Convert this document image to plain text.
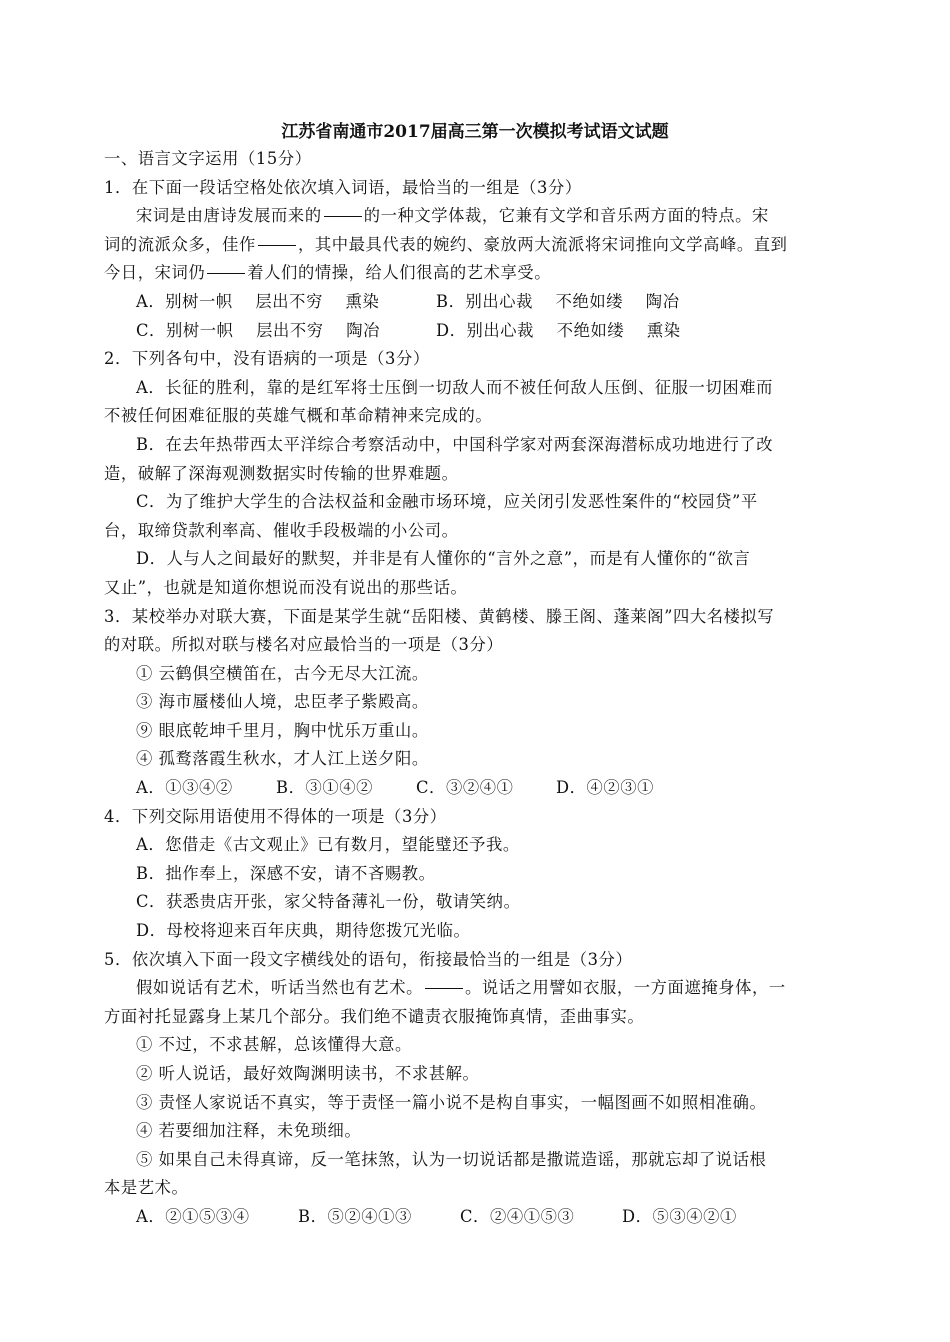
江苏省南通市2017届高三第一次模拟考试语文试题
一、语言文字运用（15分）
1．在下面一段话空格处依次填入词语，最恰当的一组是（3分）
宋词是由唐诗发展而来的	的一种文学体裁，它兼有文学和音乐两方面的特点。宋
词的流派众多，佳作	，其中最具代表的婉约、豪放两大流派将宋词推向文学高峰。直到
今日，宋词仍	着人们的情操，给人们很高的艺术享受。
A．别树一帜　 层出不穷　 熏染	B．别出心裁　 不绝如缕　 陶冶
C．别树一帜　 层出不穷　 陶冶	D．别出心裁　 不绝如缕　 熏染
2．下列各句中，没有语病的一项是（3分）
A．长征的胜利，靠的是红军将士压倒一切敌人而不被任何敌人压倒、征服一切困难而
不被任何困难征服的英雄气概和革命精神来完成的。
B．在去年热带西太平洋综合考察活动中，中国科学家对两套深海潜标成功地进行了改
造，破解了深海观测数据实时传输的世界难题。
C．为了维护大学生的合法权益和金融市场环境，应关闭引发恶性案件的“校园贷”平
台，取缔贷款利率高、催收手段极端的小公司。
D．人与人之间最好的默契，并非是有人懂你的“言外之意”，而是有人懂你的“欲言
又止”，也就是知道你想说而没有说出的那些话。
3．某校举办对联大赛，下面是某学生就“岳阳楼、黄鹤楼、滕王阁、蓬莱阁”四大名楼拟写
的对联。所拟对联与楼名对应最恰当的一项是（3分）
① 云鹤俱空横笛在，古今无尽大江流。
③ 海市蜃楼仙人境，忠臣孝子紫殿高。
⑨ 眼底乾坤千里月，胸中忧乐万重山。
④ 孤鹜落霞生秋水，才人江上送夕阳。
A．①③④②	B．③①④②	C．③②④①	D．④②③①
4．下列交际用语使用不得体的一项是（3分）
A．您借走《古文观止》已有数月，望能璧还予我。
B．拙作奉上，深感不安，请不吝赐教。
C．获悉贵店开张，家父特备薄礼一份，敬请笑纳。
D．母校将迎来百年庆典，期待您拨冗光临。
5．依次填入下面一段文字横线处的语句，衔接最恰当的一组是（3分）
假如说话有艺术，听话当然也有艺术。	。说话之用譬如衣服，一方面遮掩身体，一
方面衬托显露身上某几个部分。我们绝不谴责衣服掩饰真情，歪曲事实。
① 不过，不求甚解，总该懂得大意。
② 听人说话，最好效陶渊明读书，不求甚解。
③ 责怪人家说话不真实，等于责怪一篇小说不是构自事实，一幅图画不如照相准确。
④ 若要细加注释，未免琐细。
⑤ 如果自己未得真谛，反一笔抹煞，认为一切说话都是撒谎造谣，那就忘却了说话根
本是艺术。
A．②①⑤③④	B．⑤②④①③	C．②④①⑤③	D．⑤③④②①
